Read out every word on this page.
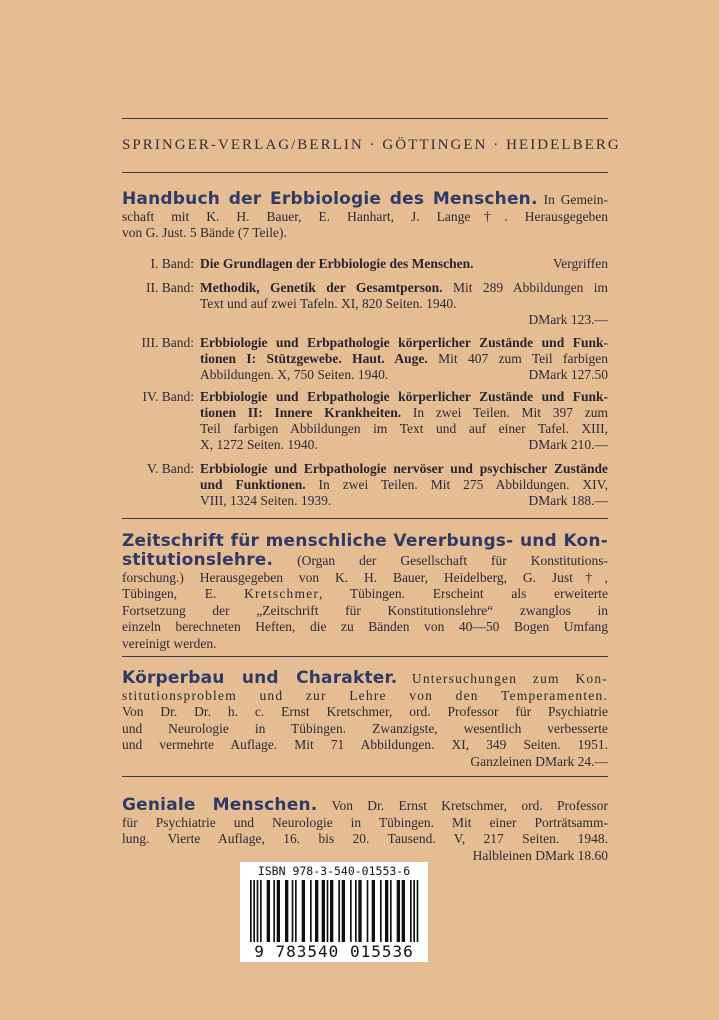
SPRINGER-VERLAG/BERLIN · GÖTTINGEN · HEIDELBERG
Handbuch der Erbbiologie des Menschen. In Gemein-
schaft mit K. H. Bauer, E. Hanhart, J. Lange†. Herausgegeben
von G. Just. 5 Bände (7 Teile).
I. Band: Die Grundlagen der Erbbiologie des Menschen.	Vergriffen
II. Band: Methodik, Genetik der Gesamtperson. Mit 289 Abbildungen im
Text und auf zwei Tafeln. XI, 820 Seiten. 1940.
DMark 123.—
III. Band: Erbbiologie und Erbpathologie körperlicher Zustände und Funk-
tionen I: Stützgewebe. Haut. Auge. Mit 407 zum Teil farbigen
Abbildungen. X, 750 Seiten. 1940.	DMark 127.50
IV. Band: Erbbiologie und Erbpathologie körperlicher Zustände und Funk-
tionen II: Innere Krankheiten. In zwei Teilen. Mit 397 zum
Teil farbigen Abbildungen im Text und auf einer Tafel. XIII,
X, 1272 Seiten. 1940.	DMark 210.—
V. Band: Erbbiologie und Erbpathologie nervöser und psychischer Zustände
und Funktionen. In zwei Teilen. Mit 275 Abbildungen. XIV,
VIII, 1324 Seiten. 1939.	DMark 188.—
Zeitschrift für menschliche Vererbungs- und Kon-
stitutionslehre. (Organ der Gesellschaft für Konstitutions-
forschung.) Herausgegeben von K. H. Bauer, Heidelberg, G. Just†,
Tübingen, E. Kretschmer, Tübingen. Erscheint als erweiterte
Fortsetzung der „Zeitschrift für Konstitutionslehre“ zwanglos in
einzeln berechneten Heften, die zu Bänden von 40—50 Bogen Umfang
vereinigt werden.
Körperbau und Charakter. Untersuchungen zum Kon-
stitutionsproblem und zur Lehre von den Temperamenten.
Von Dr. Dr. h. c. Ernst Kretschmer, ord. Professor für Psychiatrie
und Neurologie in Tübingen. Zwanzigste, wesentlich verbesserte
und vermehrte Auflage. Mit 71 Abbildungen. XI, 349 Seiten. 1951.
Ganzleinen DMark 24.—
Geniale Menschen. Von Dr. Ernst Kretschmer, ord. Professor
für Psychiatrie und Neurologie in Tübingen. Mit einer Porträtsamm-
lung. Vierte Auflage, 16. bis 20. Tausend. V, 217 Seiten. 1948.
Halbleinen DMark 18.60
ISBN 978-3-540-01553-6
9 783540 015536
